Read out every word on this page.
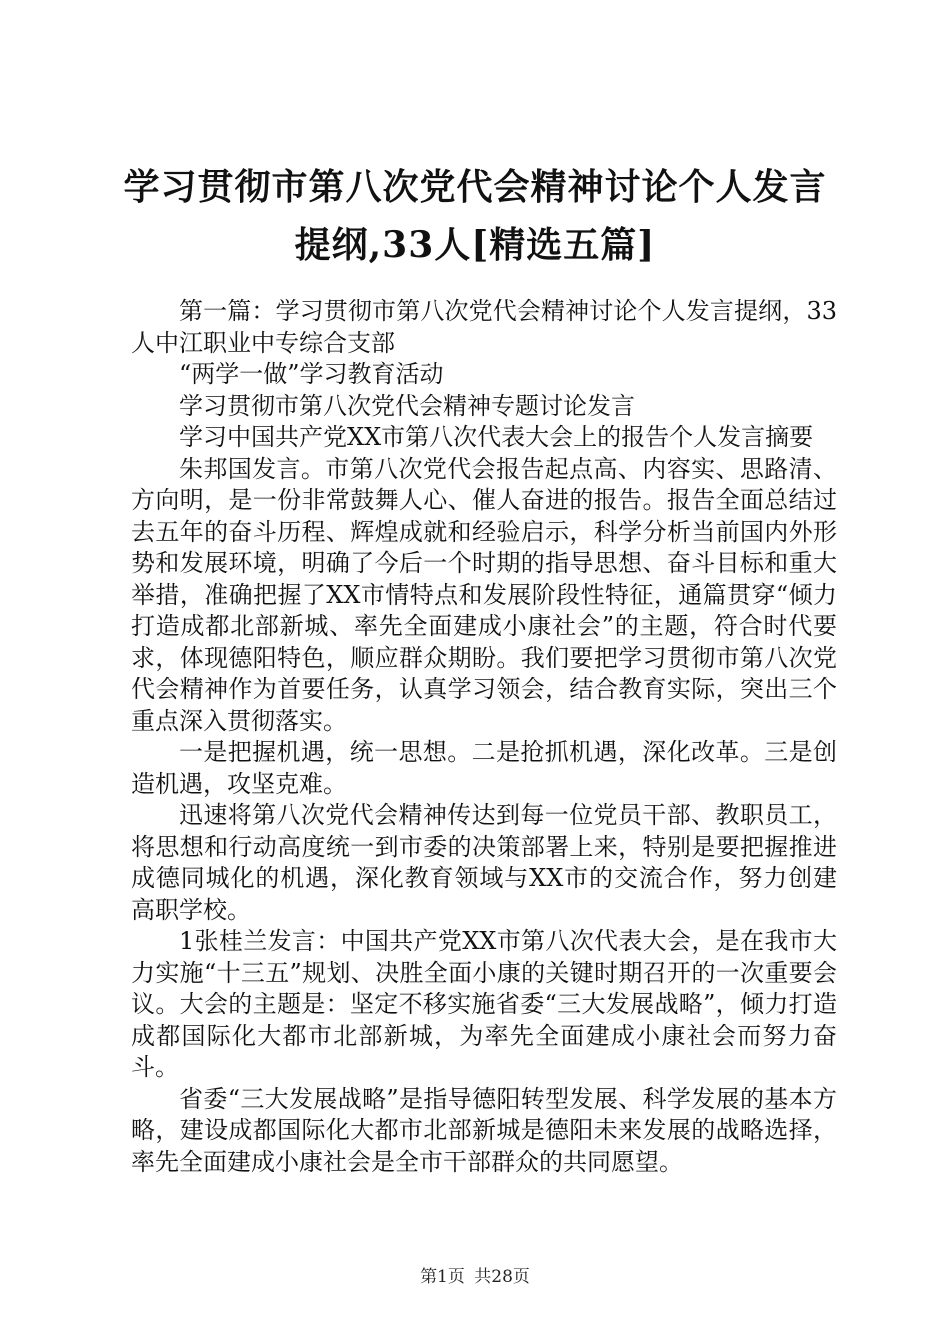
学习贯彻市第八次党代会精神讨论个人发言提纲,33人[精选五篇]

第一篇：学习贯彻市第八次党代会精神讨论个人发言提纲，33人中江职业中专综合支部

“两学一做”学习教育活动

学习贯彻市第八次党代会精神专题讨论发言

学习中国共产党XX市第八次代表大会上的报告个人发言摘要

朱邦国发言。市第八次党代会报告起点高、内容实、思路清、方向明，是一份非常鼓舞人心、催人奋进的报告。报告全面总结过去五年的奋斗历程、辉煌成就和经验启示，科学分析当前国内外形势和发展环境，明确了今后一个时期的指导思想、奋斗目标和重大举措，准确把握了XX市情特点和发展阶段性特征，通篇贯穿“倾力打造成都北部新城、率先全面建成小康社会”的主题，符合时代要求，体现德阳特色，顺应群众期盼。我们要把学习贯彻市第八次党代会精神作为首要任务，认真学习领会，结合教育实际，突出三个重点深入贯彻落实。

一是把握机遇，统一思想。二是抢抓机遇，深化改革。三是创造机遇，攻坚克难。

迅速将第八次党代会精神传达到每一位党员干部、教职员工，将思想和行动高度统一到市委的决策部署上来，特别是要把握推进成德同城化的机遇，深化教育领域与XX市的交流合作，努力创建高职学校。

1张桂兰发言：中国共产党XX市第八次代表大会，是在我市大力实施“十三五”规划、决胜全面小康的关键时期召开的一次重要会议。大会的主题是：坚定不移实施省委“三大发展战略”，倾力打造成都国际化大都市北部新城，为率先全面建成小康社会而努力奋斗。

省委“三大发展战略”是指导德阳转型发展、科学发展的基本方略，建设成都国际化大都市北部新城是德阳未来发展的战略选择，率先全面建成小康社会是全市干部群众的共同愿望。

第1页 共28页
